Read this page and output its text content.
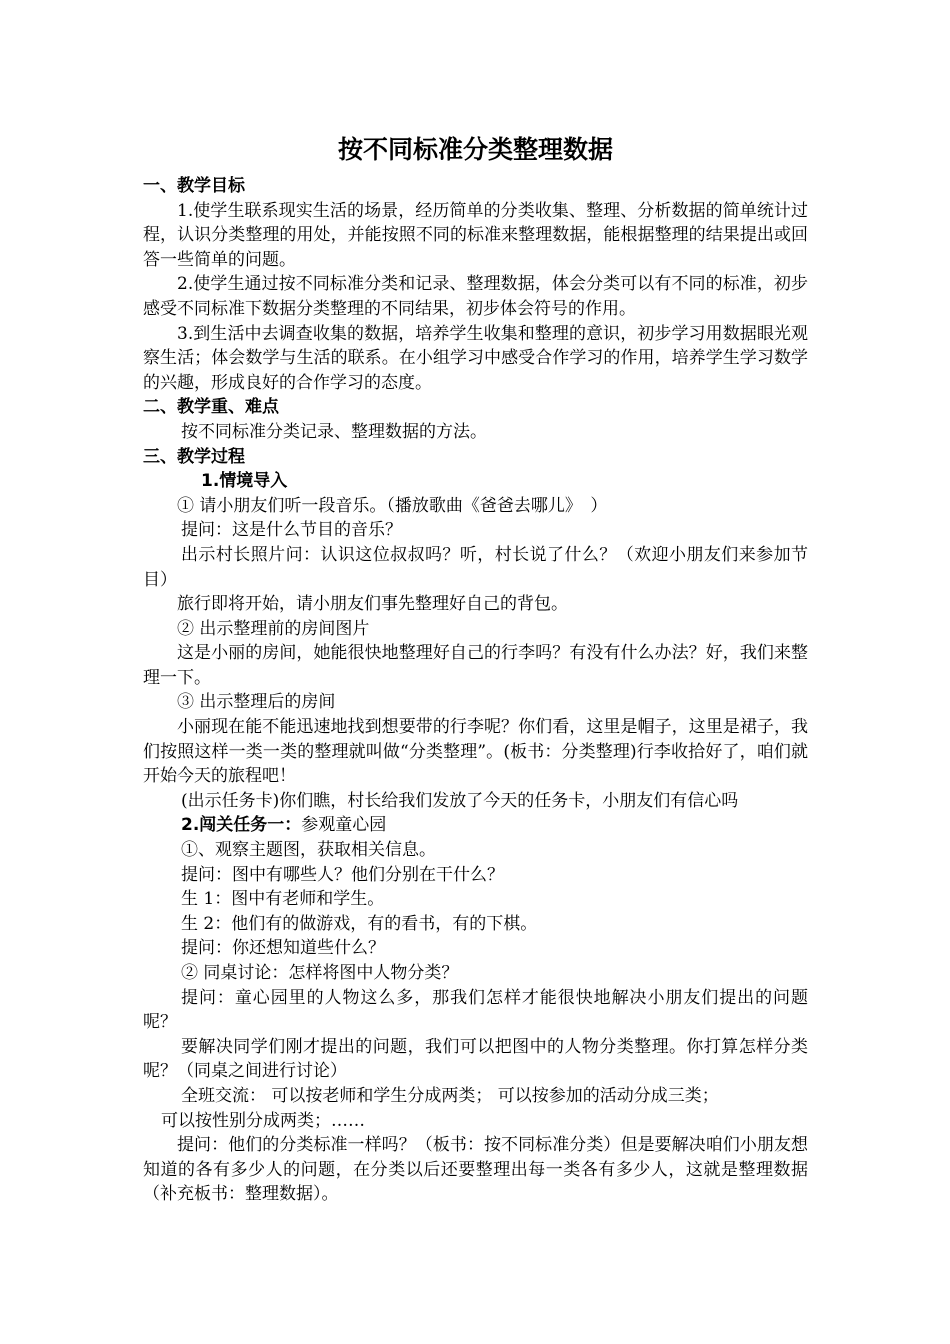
按不同标准分类整理数据

一、教学目标

1.使学生联系现实生活的场景，经历简单的分类收集、整理、分析数据的简单统计过程，认识分类整理的用处，并能按照不同的标准来整理数据，能根据整理的结果提出或回答一些简单的问题。

2.使学生通过按不同标准分类和记录、整理数据，体会分类可以有不同的标准，初步感受不同标准下数据分类整理的不同结果，初步体会符号的作用。

3.到生活中去调查收集的数据，培养学生收集和整理的意识，初步学习用数据眼光观察生活；体会数学与生活的联系。在小组学习中感受合作学习的作用，培养学生学习数学的兴趣，形成良好的合作学习的态度。

二、教学重、难点

按不同标准分类记录、整理数据的方法。

三、教学过程

1.情境导入

① 请小朋友们听一段音乐。（播放歌曲《爸爸去哪儿》　）

提问：这是什么节目的音乐？

出示村长照片问：认识这位叔叔吗？听，村长说了什么？（欢迎小朋友们来参加节目）

旅行即将开始，请小朋友们事先整理好自己的背包。

② 出示整理前的房间图片

这是小丽的房间，她能很快地整理好自己的行李吗？有没有什么办法？好，我们来整理一下。

③ 出示整理后的房间

小丽现在能不能迅速地找到想要带的行李呢？你们看，这里是帽子，这里是裙子，我们按照这样一类一类的整理就叫做“分类整理”。(板书：分类整理)行李收拾好了，咱们就开始今天的旅程吧！

(出示任务卡)你们瞧，村长给我们发放了今天的任务卡，小朋友们有信心吗

2.闯关任务一：参观童心园

①、观察主题图，获取相关信息。

提问：图中有哪些人？他们分别在干什么？

生 1：图中有老师和学生。

生 2：他们有的做游戏，有的看书，有的下棋。

提问：你还想知道些什么？

② 同桌讨论：怎样将图中人物分类？

提问：童心园里的人物这么多，那我们怎样才能很快地解决小朋友们提出的问题呢？

要解决同学们刚才提出的问题，我们可以把图中的人物分类整理。你打算怎样分类呢？（同桌之间进行讨论）

全班交流： 可以按老师和学生分成两类； 可以按参加的活动分成三类；

可以按性别分成两类；……

提问：他们的分类标准一样吗？（板书：按不同标准分类）但是要解决咱们小朋友想知道的各有多少人的问题，在分类以后还要整理出每一类各有多少人，这就是整理数据（补充板书：整理数据）。
